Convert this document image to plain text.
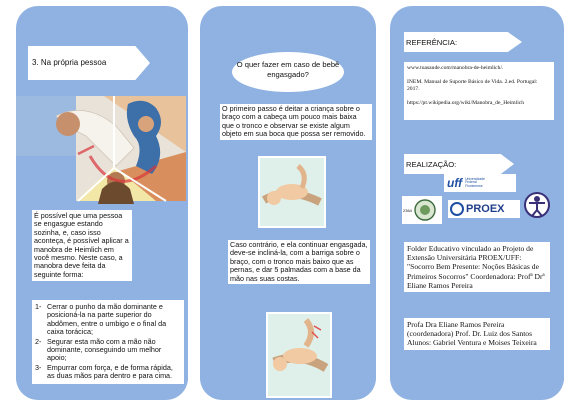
3. Na própria pessoa
É possível que uma pessoa se engasgue estando sozinha, e, caso isso aconteça, é possível aplicar a manobra de Heimlich em você mesmo. Neste caso, a manobra deve feita da seguinte forma:
1- Cerrar o punho da mão dominante e posicioná-la na parte superior do abdômen, entre o umbigo e o final da caixa torácica;
2- Segurar esta mão com a mão não dominante, conseguindo um melhor apoio;
3- Empurrar com força, e de forma rápida, as duas mãos para dentro e para cima.
O quer fazer em caso de bebê engasgado?
O primeiro passo é deitar a criança sobre o braço com a cabeça um pouco mais baixa que o tronco e observar se existe algum objeto em sua boca que possa ser removido.
Caso contrário, e ela continuar engasgada, deve-se incliná-la, com a barriga sobre o braço, com o tronco mais baixo que as pernas, e dar 5 palmadas com a base da mão nas suas costas.
REFERÊNCIA:
www.tuasaude.com/manobra-de-heimlich/.
INEM. Manual de Suporte Básico de Vida. 2.ed. Portugal: 2017.
https://pt.wikipedia.org/wiki/Manobra_de_Heimlich
REALIZAÇÃO:
uff Universidade
Federal
Fluminense
2364	PROEX
Folder Educativo vinculado ao Projeto de Extensão Universitária PROEX/UFF: "Socorro Bem Presente: Noções Básicas de Primeiros Socorros" Coordenadora: Profª Drª Eliane Ramos Pereira
Profa Dra Eliane Ramos Pereira (coordenadora) Prof. Dr. Luiz dos Santos Alunos: Gabriel Ventura e Moises Teixeira
